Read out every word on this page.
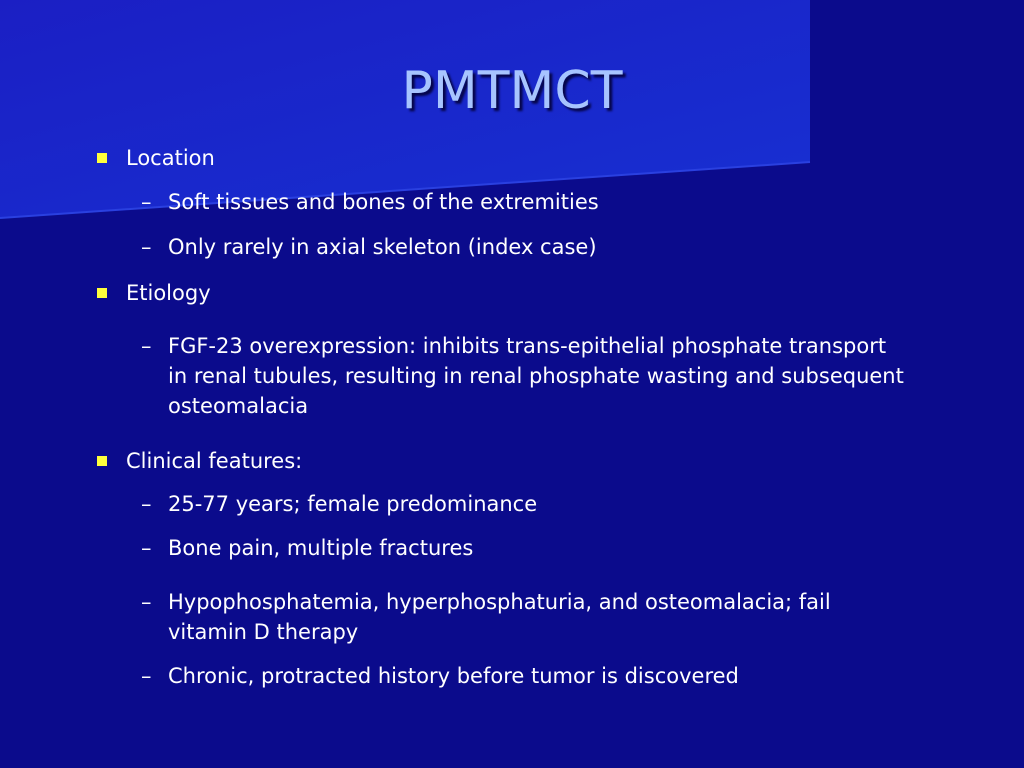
PMTMCT
Location
– Soft tissues and bones of the extremities
– Only rarely in axial skeleton (index case)
Etiology
– FGF-23 overexpression: inhibits trans-epithelial phosphate transport
in renal tubules, resulting in renal phosphate wasting and subsequent
osteomalacia
Clinical features:
– 25-77 years; female predominance
– Bone pain, multiple fractures
– Hypophosphatemia, hyperphosphaturia, and osteomalacia; fail
vitamin D therapy
– Chronic, protracted history before tumor is discovered
